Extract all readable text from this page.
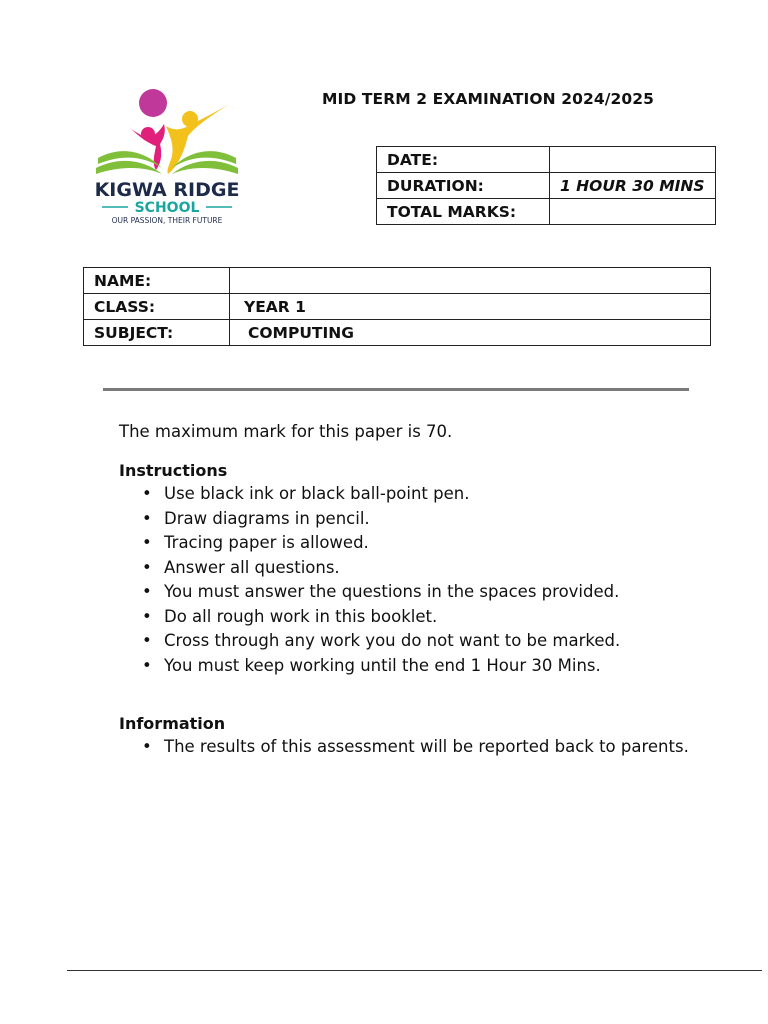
KIGWA RIDGE
SCHOOL
OUR PASSION, THEIR FUTURE
MID TERM 2 EXAMINATION 2024/2025
DATE:	
DURATION:	1 HOUR 30 MINS
TOTAL MARKS:	
NAME:	
CLASS:	YEAR 1
SUBJECT:	COMPUTING
The maximum mark for this paper is 70.
Instructions
• Use black ink or black ball-point pen.
• Draw diagrams in pencil.
• Tracing paper is allowed.
• Answer all questions.
• You must answer the questions in the spaces provided.
• Do all rough work in this booklet.
• Cross through any work you do not want to be marked.
• You must keep working until the end 1 Hour 30 Mins.
Information
• The results of this assessment will be reported back to parents.
